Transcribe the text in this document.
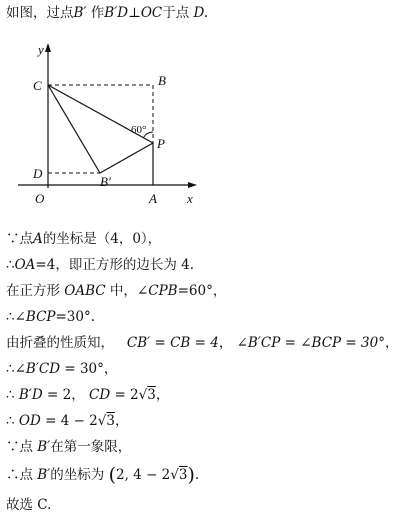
如图，过点B′ 作B′D⊥OC于点 D.
y
x
C	B
P
D
B′
O	A
60°
∵点A的坐标是（4，0），
∴OA=4，即正方形的边长为 4.
在正方形 OABC 中，∠CPB=60°，
∴∠BCP=30°.
由折叠的性质知， CB′ = CB = 4， ∠B′CP = ∠BCP = 30°，
∴∠B′CD = 30°，
∴ B′D = 2， CD = 2√3，
∴ OD = 4 − 2√3，
∵点 B′在第一象限，
∴点 B′的坐标为 (2, 4 − 2√3).
故选 C.
